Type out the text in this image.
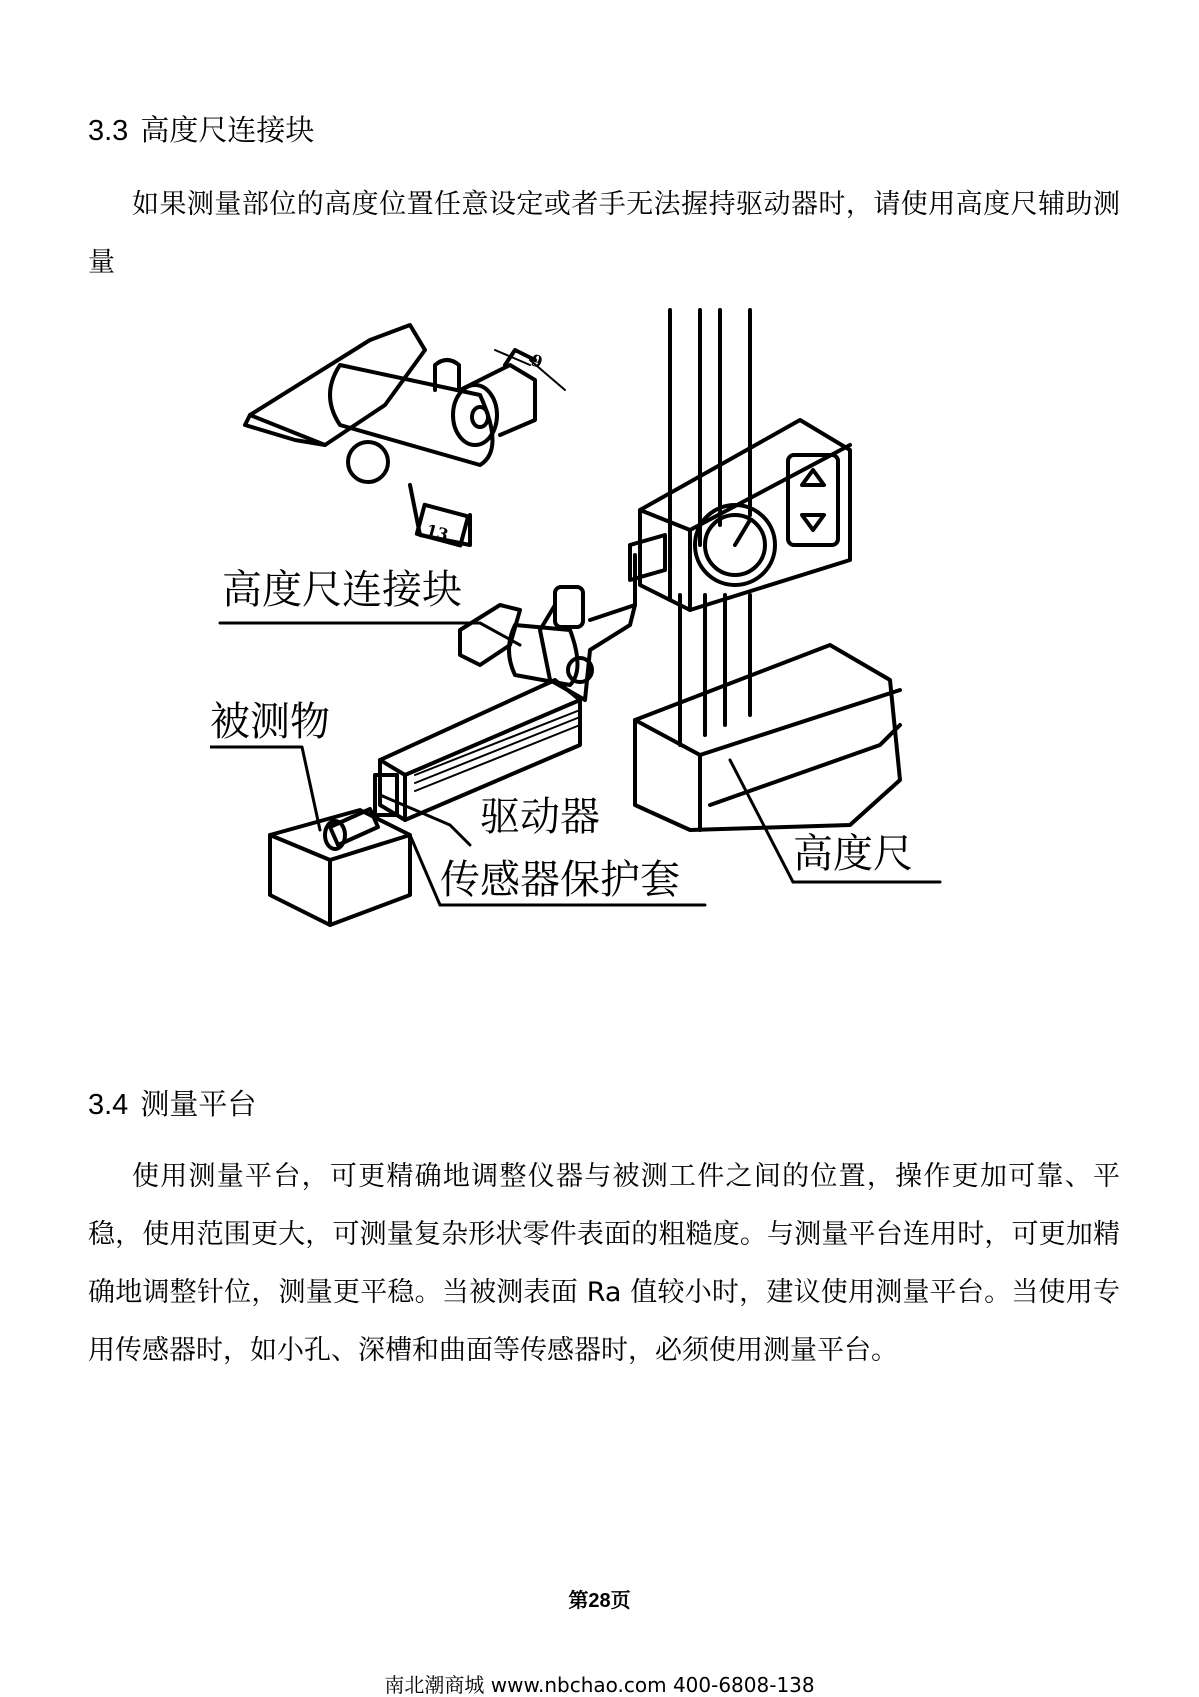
3.3 高度尺连接块

如果测量部位的高度位置任意设定或者手无法握持驱动器时，请使用高度尺辅助测量

9
13
高度尺连接块
被测物
驱动器
传感器保护套
高度尺
3.4 测量平台

使用测量平台，可更精确地调整仪器与被测工件之间的位置，操作更加可靠、平稳，使用范围更大，可测量复杂形状零件表面的粗糙度。与测量平台连用时，可更加精确地调整针位，测量更平稳。当被测表面 Ra 值较小时，建议使用测量平台。当使用专用传感器时，如小孔、深槽和曲面等传感器时，必须使用测量平台。

第28页
南北潮商城 www.nbchao.com 400-6808-138
